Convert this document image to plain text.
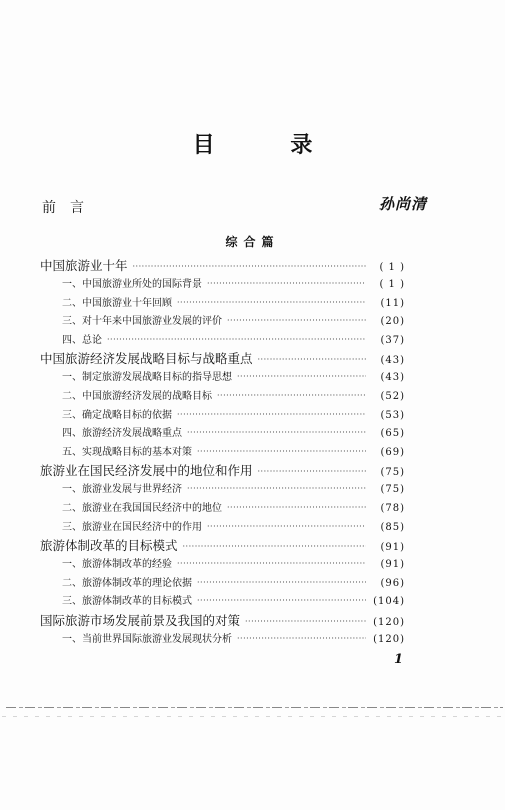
目 录
前言	孙尚清
综合篇
中国旅游业十年 ·····	( 1 )
一、中国旅游业所处的国际背景 ·····	( 1 )
二、中国旅游业十年回顾 ·····	(11)
三、对十年来中国旅游业发展的评价 ·····	(20)
四、总论 ·····	(37)
中国旅游经济发展战略目标与战略重点 ·····	(43)
一、制定旅游发展战略目标的指导思想 ·····	(43)
二、中国旅游经济发展的战略目标 ·····	(52)
三、确定战略目标的依据 ·····	(53)
四、旅游经济发展战略重点 ·····	(65)
五、实现战略目标的基本对策 ·····	(69)
旅游业在国民经济发展中的地位和作用 ·····	(75)
一、旅游业发展与世界经济 ·····	(75)
二、旅游业在我国国民经济中的地位 ·····	(78)
三、旅游业在国民经济中的作用 ·····	(85)
旅游体制改革的目标模式 ·····	(91)
一、旅游体制改革的经验 ·····	(91)
二、旅游体制改革的理论依据 ·····	(96)
三、旅游体制改革的目标模式 ·····	(104)
国际旅游市场发展前景及我国的对策 ·····	(120)
一、当前世界国际旅游业发展现状分析 ·····	(120)
1
